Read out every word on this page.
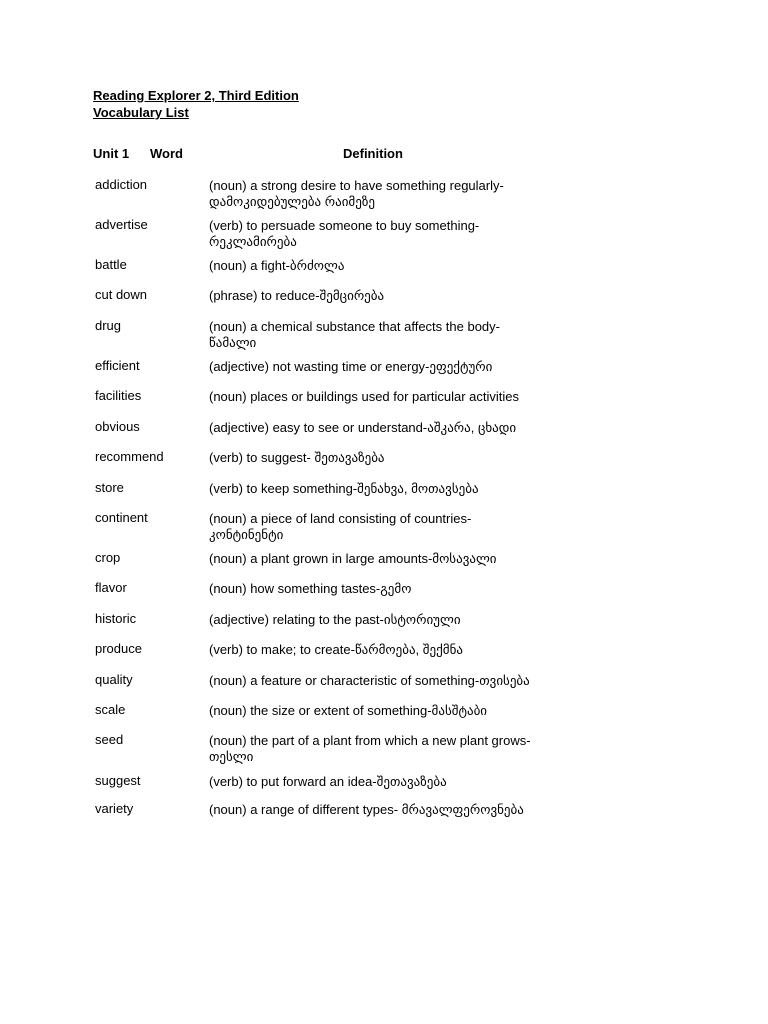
Reading Explorer 2, Third Edition
Vocabulary List
Unit 1 Word	Definition
addiction	(noun) a strong desire to have something regularly-
დამოკიდებულება რაიმეზე
advertise	(verb) to persuade someone to buy something-
რეკლამირება
battle	(noun) a fight-ბრძოლა
cut down	(phrase) to reduce-შემცირება
drug	(noun) a chemical substance that affects the body-
წამალი
efficient	(adjective) not wasting time or energy-ეფექტური
facilities	(noun) places or buildings used for particular activities
obvious	(adjective) easy to see or understand-აშკარა, ცხადი
recommend	(verb) to suggest- შეთავაზება
store	(verb) to keep something-შენახვა, მოთავსება
continent	(noun) a piece of land consisting of countries-
კონტინენტი
crop	(noun) a plant grown in large amounts-მოსავალი
flavor	(noun) how something tastes-გემო
historic	(adjective) relating to the past-ისტორიული
produce	(verb) to make; to create-წარმოება, შექმნა
quality	(noun) a feature or characteristic of something-თვისება
scale	(noun) the size or extent of something-მასშტაბი
seed	(noun) the part of a plant from which a new plant grows-
თესლი
suggest	(verb) to put forward an idea-შეთავაზება
variety	(noun) a range of different types- მრავალფეროვნება
